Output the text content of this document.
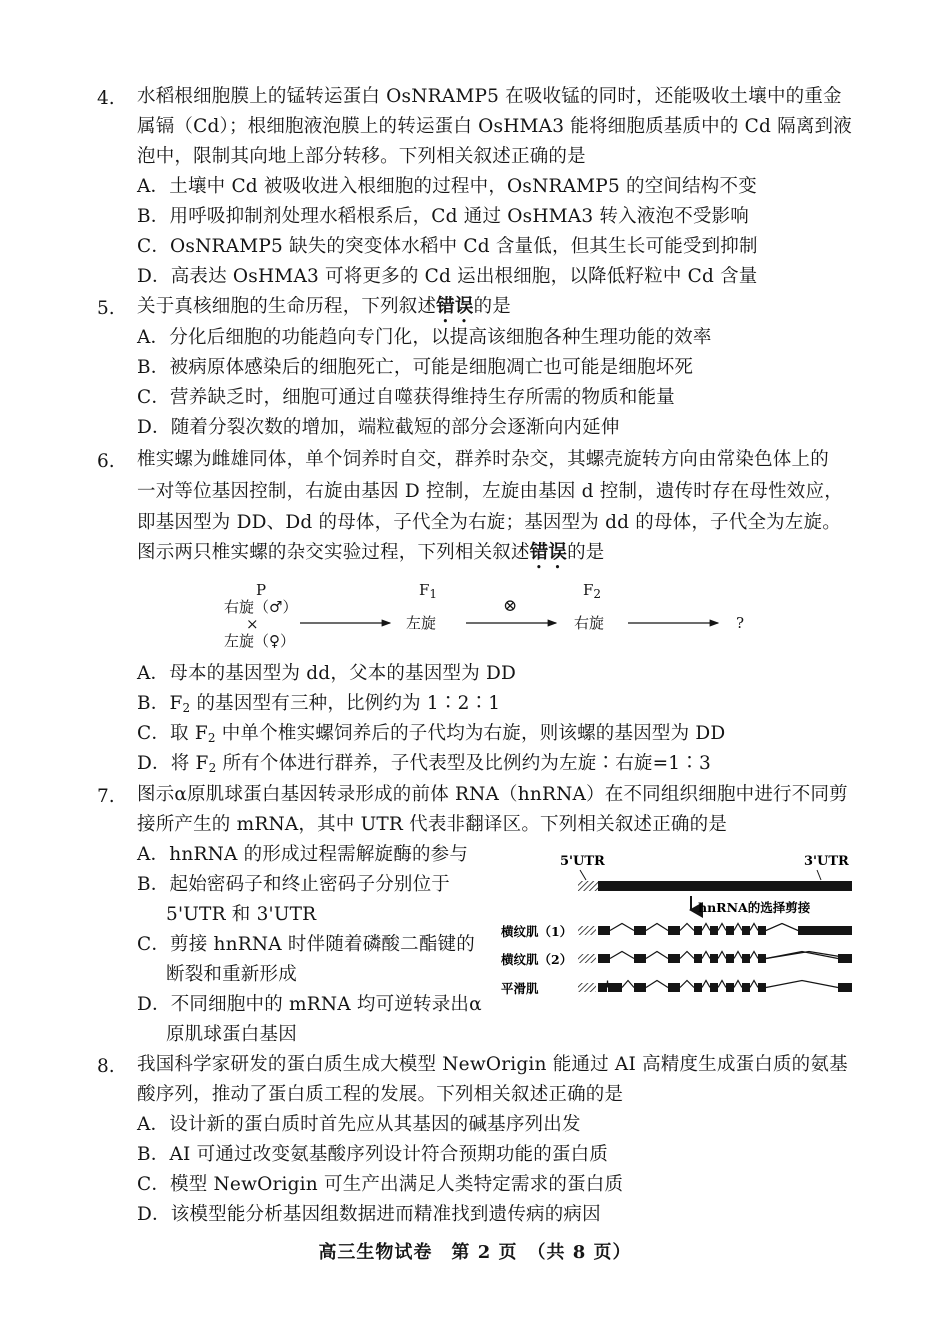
4. 水稻根细胞膜上的锰转运蛋白 OsNRAMP5 在吸收锰的同时，还能吸收土壤中的重金
属镉（Cd）；根细胞液泡膜上的转运蛋白 OsHMA3 能将细胞质基质中的 Cd 隔离到液
泡中，限制其向地上部分转移。下列相关叙述正确的是
A．土壤中 Cd 被吸收进入根细胞的过程中，OsNRAMP5 的空间结构不变
B．用呼吸抑制剂处理水稻根系后，Cd 通过 OsHMA3 转入液泡不受影响
C．OsNRAMP5 缺失的突变体水稻中 Cd 含量低，但其生长可能受到抑制
D．高表达 OsHMA3 可将更多的 Cd 运出根细胞，以降低籽粒中 Cd 含量
5. 关于真核细胞的生命历程，下列叙述错误的是
A．分化后细胞的功能趋向专门化，以提高该细胞各种生理功能的效率
B．被病原体感染后的细胞死亡，可能是细胞凋亡也可能是细胞坏死
C．营养缺乏时，细胞可通过自噬获得维持生存所需的物质和能量
D．随着分裂次数的增加，端粒截短的部分会逐渐向内延伸
6. 椎实螺为雌雄同体，单个饲养时自交，群养时杂交，其螺壳旋转方向由常染色体上的
一对等位基因控制，右旋由基因 D 控制，左旋由基因 d 控制，遗传时存在母性效应，
即基因型为 DD、Dd 的母体，子代全为右旋；基因型为 dd 的母体，子代全为左旋。
图示两只椎实螺的杂交实验过程，下列相关叙述错误的是
P
右旋（♂）
×
左旋（♀）
$F_1$
左旋
⊗
$F_2$
右旋	?
A．母本的基因型为 dd，父本的基因型为 DD
B．$F_2$ 的基因型有三种，比例约为 1∶2∶1
C．取 $F_2$ 中单个椎实螺饲养后的子代均为右旋，则该螺的基因型为 DD
D．将 $F_2$ 所有个体进行群养，子代表型及比例约为左旋∶右旋=1∶3
7. 图示α原肌球蛋白基因转录形成的前体 RNA（hnRNA）在不同组织细胞中进行不同剪
接所产生的 mRNA，其中 UTR 代表非翻译区。下列相关叙述正确的是
A．hnRNA 的形成过程需解旋酶的参与
B．起始密码子和终止密码子分别位于
5'UTR 和 3'UTR
C．剪接 hnRNA 时伴随着磷酸二酯键的
断裂和重新形成
D．不同细胞中的 mRNA 均可逆转录出α
原肌球蛋白基因
5'UTR	3'UTR
hnRNA的选择剪接
横纹肌（1）
横纹肌（2）
平滑肌
8. 我国科学家研发的蛋白质生成大模型 NewOrigin 能通过 AI 高精度生成蛋白质的氨基
酸序列，推动了蛋白质工程的发展。下列相关叙述正确的是
A．设计新的蛋白质时首先应从其基因的碱基序列出发
B．AI 可通过改变氨基酸序列设计符合预期功能的蛋白质
C．模型 NewOrigin 可生产出满足人类特定需求的蛋白质
D．该模型能分析基因组数据进而精准找到遗传病的病因
高三生物试卷　第 2 页　（共 8 页）
